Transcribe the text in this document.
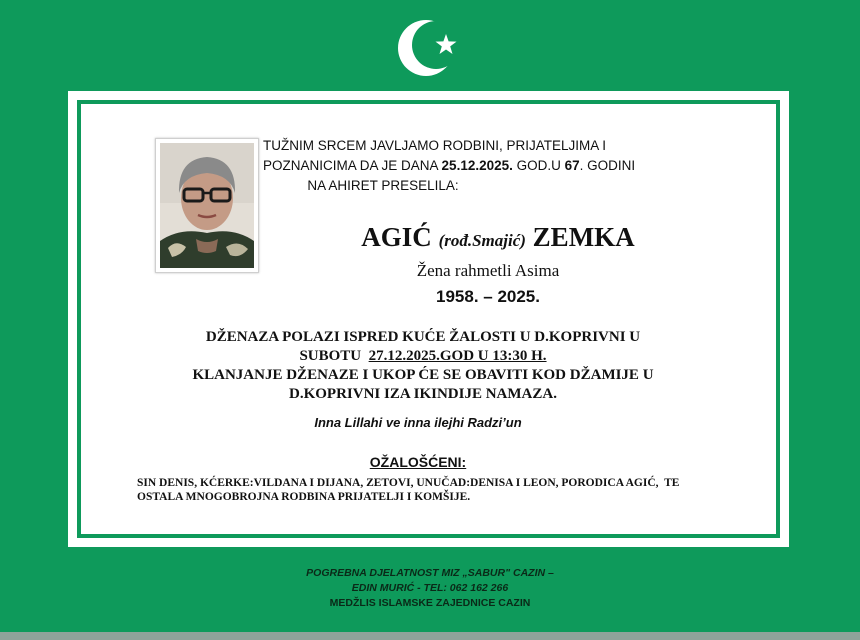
TUŽNIM SRCEM JAVLJAMO RODBINI, PRIJATELJIMA I
POZNANICIMA DA JE DANA 25.12.2025. GOD.U 67. GODINI
NA AHIRET PRESELILA:
AGIĆ (rođ.Smajić) ZEMKA
Žena rahmetli Asima
1958. – 2025.
DŽENAZA POLAZI ISPRED KUĆE ŽALOSTI U D.KOPRIVNI U
SUBOTU  27.12.2025.GOD U 13:30 H.
KLANJANJE DŽENAZE I UKOP ĆE SE OBAVITI KOD DŽAMIJE U
D.KOPRIVNI IZA IKINDIJE NAMAZA.
Inna Lillahi ve inna ilejhi Radzi’un
OŽALOŠĆENI:
SIN DENIS, KĆERKE:VILDANA I DIJANA, ZETOVI, UNUČAD:DENISA I LEON, PORODICA AGIĆ,  TE
OSTALA MNOGOBROJNA RODBINA PRIJATELJI I KOMŠIJE.
POGREBNA DJELATNOST MIZ „SABUR" CAZIN –
EDIN MURIĆ - TEL: 062 162 266
MEDŽLIS ISLAMSKE ZAJEDNICE CAZIN
